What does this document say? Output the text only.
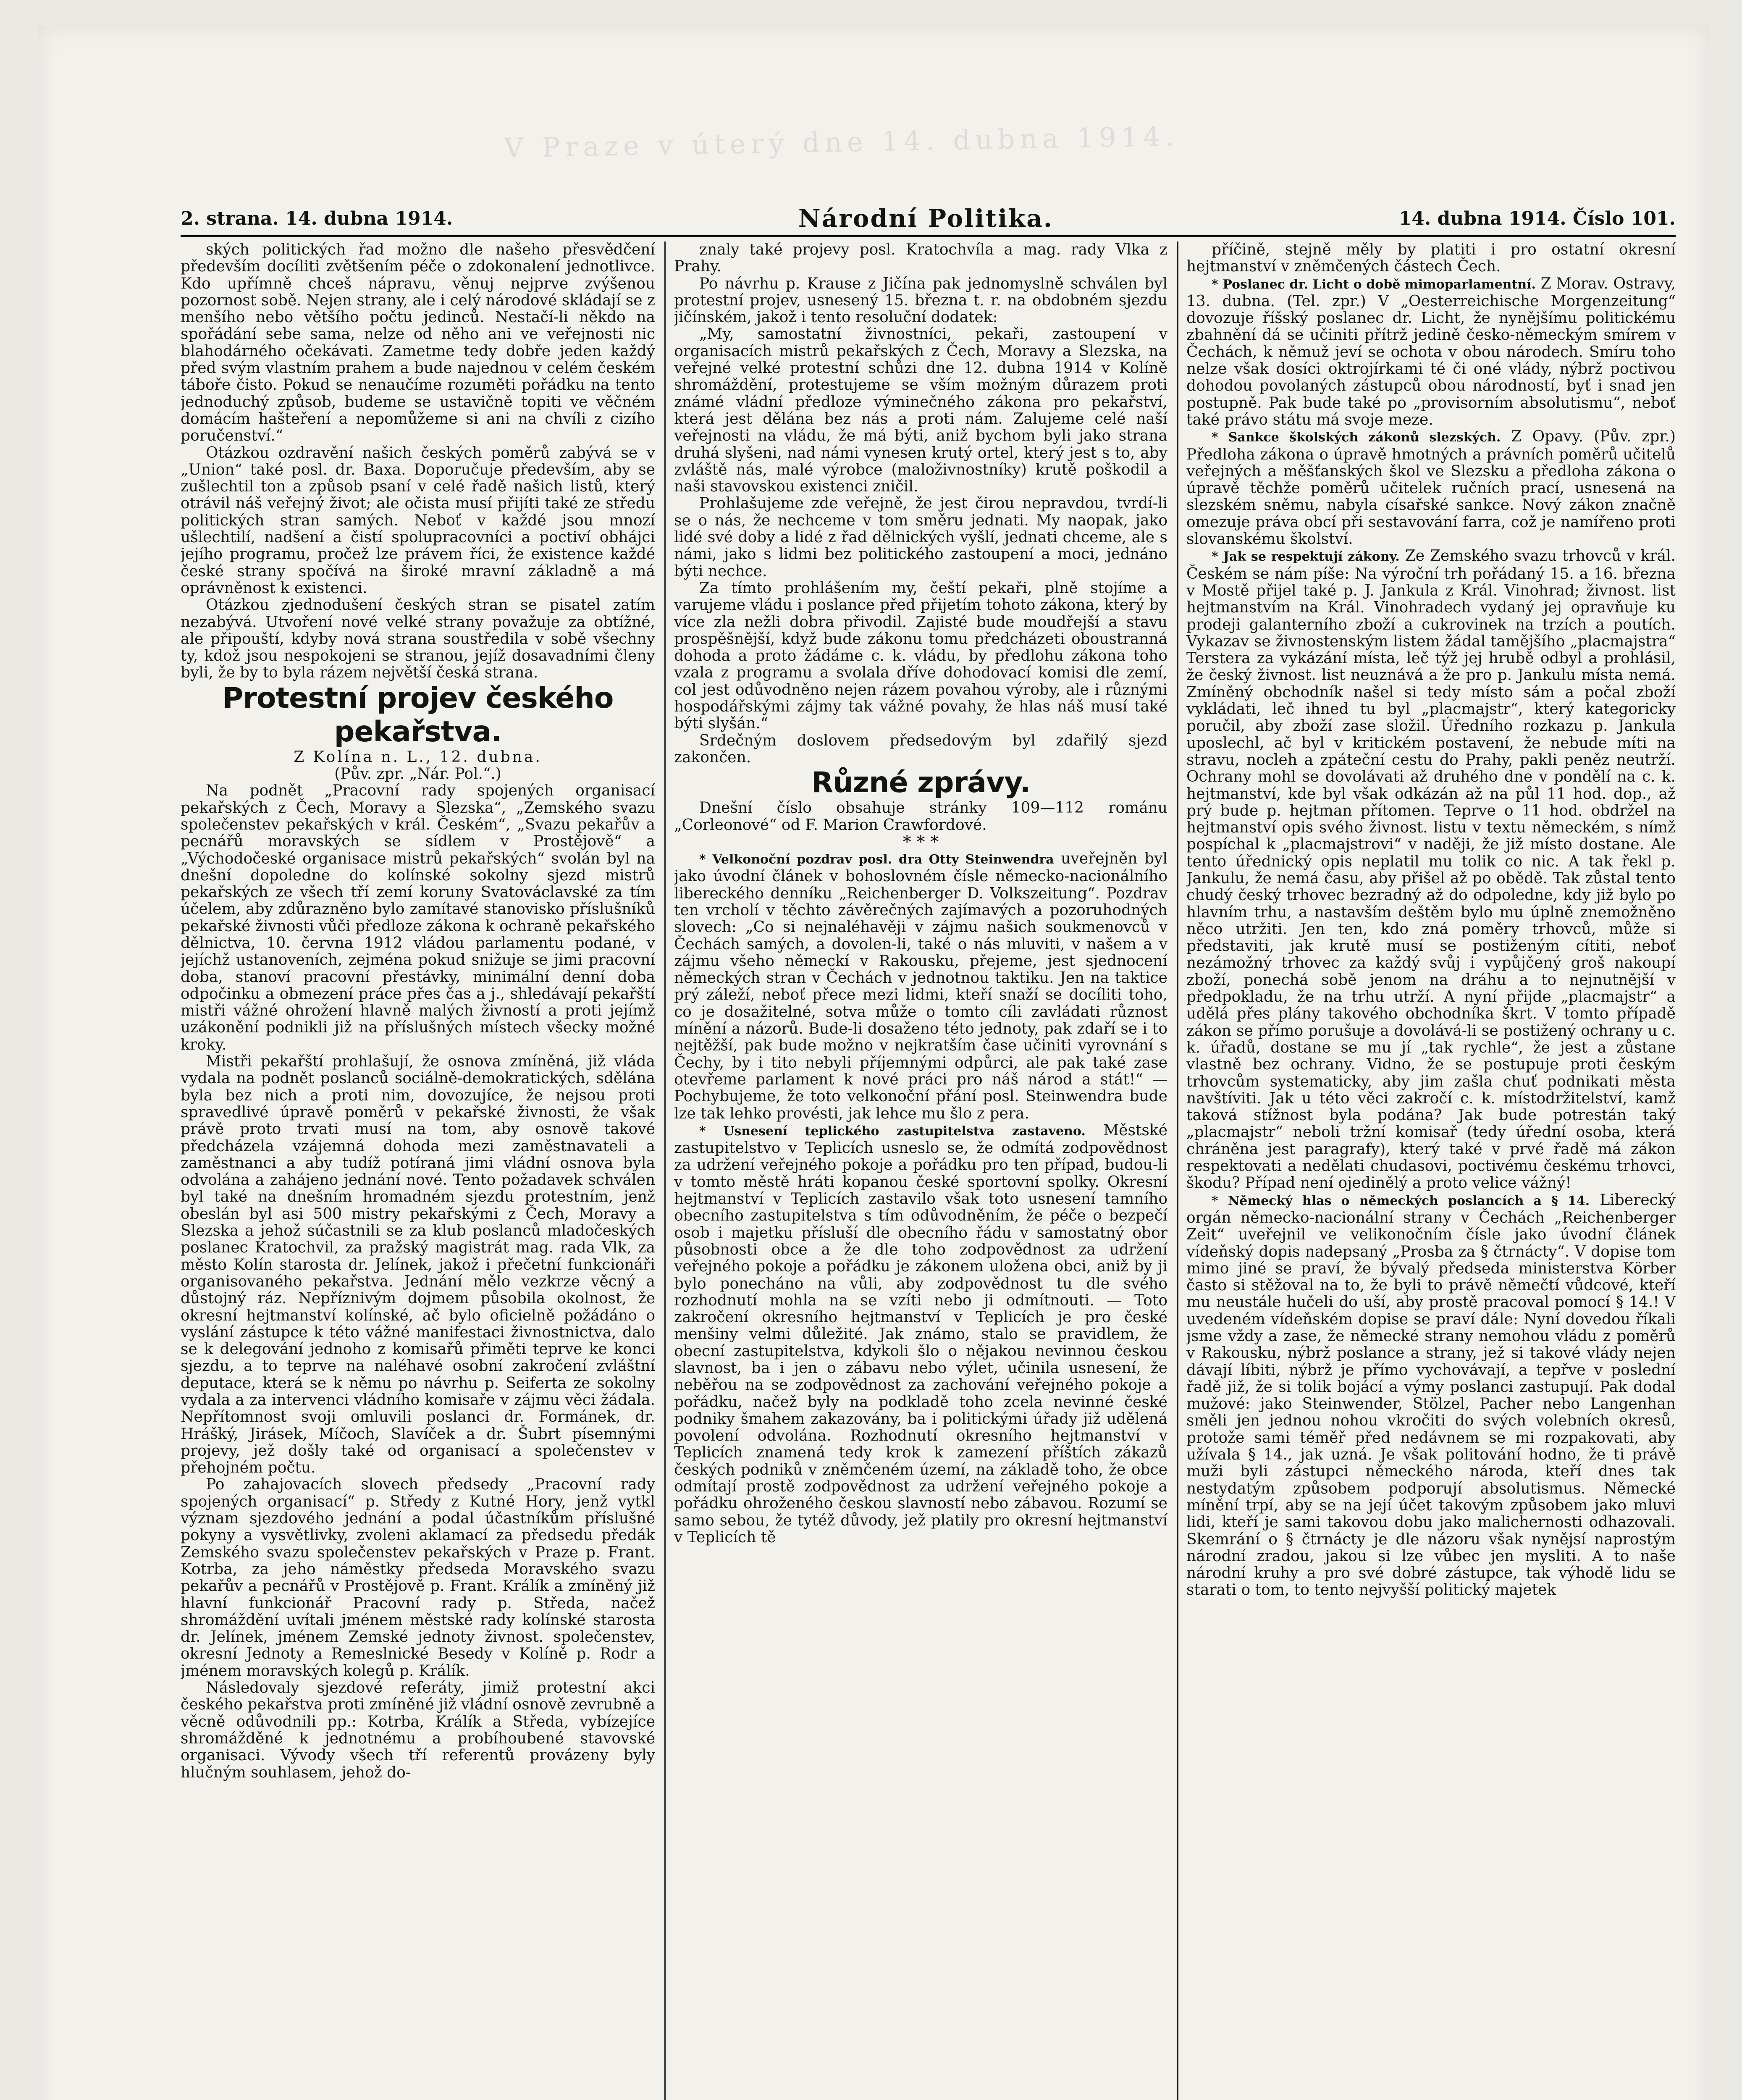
V Praze v úterý dne 14. dubna 1914.
2. strana. 14. dubna 1914.	Národní Politika.	14. dubna 1914. Číslo 101.

ských politických řad možno dle našeho přesvědčení především docíliti zvětšením péče o zdokonalení jednotlivce. Kdo upřímně chceš nápravu, věnuj nejprve zvýšenou pozornost sobě. Nejen strany, ale i celý národové skládají se z menšího nebo většího počtu jedinců. Nestačí-li někdo na spořádání sebe sama, nelze od něho ani ve veřejnosti nic blahodárného očekávati. Zametme tedy dobře jeden každý před svým vlastním prahem a bude najednou v celém českém táboře čisto. Pokud se nenaučíme rozuměti pořádku na tento jednoduchý způsob, budeme se ustavičně topiti ve věčném domácím hašteření a nepomůžeme si ani na chvíli z cizího poručenství.“

Otázkou ozdravění našich českých poměrů zabývá se v „Union“ také posl. dr. Baxa. Doporučuje především, aby se zušlechtil ton a způsob psaní v celé řadě našich listů, který otrávil náš veřejný život; ale očista musí přijíti také ze středu politických stran samých. Neboť v každé jsou mnozí ušlechtilí, nadšení a čistí spolupracovníci a poctiví obhájci jejího programu, pročež lze právem říci, že existence každé české strany spočívá na široké mravní základně a má oprávněnost k existenci.

Otázkou zjednodušení českých stran se pisatel zatím nezabývá. Utvoření nové velké strany považuje za obtížné, ale připouští, kdyby nová strana soustředila v sobě všechny ty, kdož jsou nespokojeni se stranou, jejíž dosavadními členy byli, že by to byla rázem největší česká strana.

Protestní projev českého pekařstva.

Z Kolína n. L., 12. dubna.

(Pův. zpr. „Nár. Pol.“.)

Na podnět „Pracovní rady spojených organisací pekařských z Čech, Moravy a Slezska“, „Zemského svazu společenstev pekařských v král. Českém“, „Svazu pekařův a pecnářů moravských se sídlem v Prostějově“ a „Východočeské organisace mistrů pekařských“ svolán byl na dnešní dopoledne do kolínské sokolny sjezd mistrů pekařských ze všech tří zemí koruny Svatováclavské za tím účelem, aby zdůrazněno bylo zamítavé stanovisko příslušníků pekařské živnosti vůči předloze zákona k ochraně pekařského dělnictva, 10. června 1912 vládou parlamentu podané, v jejíchž ustanoveních, zejména pokud snižuje se jimi pracovní doba, stanoví pracovní přestávky, minimální denní doba odpočinku a obmezení práce přes čas a j., shledávají pekařští mistři vážné ohrožení hlavně malých živností a proti jejímž uzákonění podnikli již na příslušných místech všecky možné kroky.

Mistři pekařští prohlašují, že osnova zmíněná, již vláda vydala na podnět poslanců sociálně-demokratických, sdělána byla bez nich a proti nim, dovozujíce, že nejsou proti spravedlivé úpravě poměrů v pekařské živnosti, že však právě proto trvati musí na tom, aby osnově takové předcházela vzájemná dohoda mezi zaměstnavateli a zaměstnanci a aby tudíž potíraná jimi vládní osnova byla odvolána a zahájeno jednání nové. Tento požadavek schválen byl také na dnešním hromadném sjezdu protestním, jenž obeslán byl asi 500 mistry pekařskými z Čech, Moravy a Slezska a jehož súčastnili se za klub poslanců mladočeských poslanec Kratochvil, za pražský magistrát mag. rada Vlk, za město Kolín starosta dr. Jelínek, jakož i přečetní funkcionáři organisovaného pekařstva. Jednání mělo vezkrze věcný a důstojný ráz. Nepříznivým dojmem působila okolnost, že okresní hejtmanství kolínské, ač bylo oficielně požádáno o vyslání zástupce k této vážné manifestaci živnostnictva, dalo se k delegování jednoho z komisařů přiměti teprve ke konci sjezdu, a to teprve na naléhavé osobní zakročení zvláštní deputace, která se k němu po návrhu p. Seiferta ze sokolny vydala a za intervenci vládního komisaře v zájmu věci žádala. Nepřítomnost svoji omluvili poslanci dr. Formánek, dr. Hrášký, Jirásek, Míčoch, Slavíček a dr. Šubrt písemnými projevy, jež došly také od organisací a společenstev v přehojném počtu.

Po zahajovacích slovech předsedy „Pracovní rady spojených organisací“ p. Středy z Kutné Hory, jenž vytkl význam sjezdového jednání a podal účastníkům příslušné pokyny a vysvětlivky, zvoleni aklamací za předsedu předák Zemského svazu společenstev pekařských v Praze p. Frant. Kotrba, za jeho náměstky předseda Moravského svazu pekařův a pecnářů v Prostějově p. Frant. Králík a zmíněný již hlavní funkcionář Pracovní rady p. Středa, načež shromáždění uvítali jménem městské rady kolínské starosta dr. Jelínek, jménem Zemské jednoty živnost. společenstev, okresní Jednoty a Remeslnické Besedy v Kolíně p. Rodr a jménem moravských kolegů p. Králík.

Následovaly sjezdové referáty, jimiž protestní akci českého pekařstva proti zmíněné již vládní osnově zevrubně a věcně odůvodnili pp.: Kotrba, Králík a Středa, vybízejíce shromážděné k jednotnému a probíhoubené stavovské organisaci. Vývody všech tří referentů provázeny byly hlučným souhlasem, jehož do-

znaly také projevy posl. Kratochvíla a mag. rady Vlka z Prahy.

Po návrhu p. Krause z Jičína pak jednomyslně schválen byl protestní projev, usnesený 15. března t. r. na obdobném sjezdu jičínském, jakož i tento resoluční dodatek:

„My, samostatní živnostníci, pekaři, zastoupení v organisacích mistrů pekařských z Čech, Moravy a Slezska, na veřejné velké protestní schůzi dne 12. dubna 1914 v Kolíně shromáždění, protestujeme se vším možným důrazem proti známé vládní předloze výminečného zákona pro pekařství, která jest dělána bez nás a proti nám. Zalujeme celé naší veřejnosti na vládu, že má býti, aniž bychom byli jako strana druhá slyšeni, nad námi vynesen krutý ortel, který jest s to, aby zvláště nás, malé výrobce (maloživnostníky) krutě poškodil a naši stavovskou existenci zničil.

Prohlašujeme zde veřejně, že jest čirou nepravdou, tvrdí-li se o nás, že nechceme v tom směru jednati. My naopak, jako lidé své doby a lidé z řad dělnických vyšlí, jednati chceme, ale s námi, jako s lidmi bez politického zastoupení a moci, jednáno býti nechce.

Za tímto prohlášením my, čeští pekaři, plně stojíme a varujeme vládu i poslance před přijetím tohoto zákona, který by více zla nežli dobra přivodil. Zajisté bude moudřejší a stavu prospěšnější, když bude zákonu tomu předcházeti oboustranná dohoda a proto žádáme c. k. vládu, by předlohu zákona toho vzala z programu a svolala dříve dohodovací komisi dle zemí, col jest odůvodněno nejen rázem povahou výroby, ale i různými hospodářskými zájmy tak vážné povahy, že hlas náš musí také býti slyšán.“

Srdečným doslovem předsedovým byl zdařilý sjezd zakončen.

Různé zprávy.

Dnešní číslo obsahuje stránky 109—112 románu „Corleonové“ od F. Marion Crawfordové.

* * *

* Velkonoční pozdrav posl. dra Otty Steinwendra uveřejněn byl jako úvodní článek v bohoslovném čísle německo-nacionálního libereckého denníku „Reichenberger D. Volkszeitung“. Pozdrav ten vrcholí v těchto závěrečných zajímavých a pozoruhodných slovech: „Co si nejnaléhavěji v zájmu našich soukmenovců v Čechách samých, a dovolen-li, také o nás mluviti, v našem a v zájmu všeho německí v Rakousku, přejeme, jest sjednocení německých stran v Čechách v jednotnou taktiku. Jen na taktice prý záleží, neboť přece mezi lidmi, kteří snaží se docíliti toho, co je dosažitelné, sotva může o tomto cíli zavládati různost mínění a názorů. Bude-li dosaženo této jednoty, pak zdaří se i to nejtěžší, pak bude možno v nejkratším čase učiniti vyrovnání s Čechy, by i tito nebyli příjemnými odpůrci, ale pak také zase otevřeme parlament k nové práci pro náš národ a stát!“ — Pochybujeme, že toto velkonoční přání posl. Steinwendra bude lze tak lehko provésti, jak lehce mu šlo z pera.

* Usnesení teplického zastupitelstva zastaveno. Městské zastupitelstvo v Teplicích usneslo se, že odmítá zodpovědnost za udržení veřejného pokoje a pořádku pro ten případ, budou-li v tomto městě hráti kopanou české sportovní spolky. Okresní hejtmanství v Teplicích zastavilo však toto usnesení tamního obecního zastupitelstva s tím odůvodněním, že péče o bezpečí osob i majetku přísluší dle obecního řádu v samostatný obor působnosti obce a že dle toho zodpovědnost za udržení veřejného pokoje a pořádku je zákonem uložena obci, aniž by ji bylo ponecháno na vůli, aby zodpovědnost tu dle svého rozhodnutí mohla na se vzíti nebo ji odmítnouti. — Toto zakročení okresního hejtmanství v Teplicích je pro české menšiny velmi důležité. Jak známo, stalo se pravidlem, že obecní zastupitelstva, kdykoli šlo o nějakou nevinnou českou slavnost, ba i jen o zábavu nebo výlet, učinila usnesení, že neběřou na se zodpovědnost za zachování veřejného pokoje a pořádku, načež byly na podkladě toho zcela nevinné české podniky šmahem zakazovány, ba i politickými úřady již udělená povolení odvolána. Rozhodnutí okresního hejtmanství v Teplicích znamená tedy krok k zamezení příštích zákazů českých podniků v zněmčeném území, na základě toho, že obce odmítají prostě zodpovědnost za udržení veřejného pokoje a pořádku ohroženého českou slavností nebo zábavou. Rozumí se samo sebou, že tytéž důvody, jež platily pro okresní hejtmanství v Teplicích tě

příčině, stejně měly by platiti i pro ostatní okresní hejtmanství v zněmčených částech Čech.

* Poslanec dr. Licht o době mimoparlamentní. Z Morav. Ostravy, 13. dubna. (Tel. zpr.) V „Oesterreichische Morgenzeitung“ dovozuje říšský poslanec dr. Licht, že nynějšímu politickému zbahnění dá se učiniti přítrž jedině česko-německým smírem v Čechách, k němuž jeví se ochota v obou národech. Smíru toho nelze však dosíci oktrojírkami té či oné vlády, nýbrž poctivou dohodou povolaných zástupců obou národností, byť i snad jen postupně. Pak bude také po „provisorním absolutismu“, neboť také právo státu má svoje meze.

* Sankce školských zákonů slezských. Z Opavy. (Pův. zpr.) Předloha zákona o úpravě hmotných a právních poměrů učitelů veřejných a měšťanských škol ve Slezsku a předloha zákona o úpravě těchže poměrů učitelek ručních prací, usnesená na slezském sněmu, nabyla císařské sankce. Nový zákon značně omezuje práva obcí při sestavování farra, což je namířeno proti slovanskému školství.

* Jak se respektují zákony. Ze Zemského svazu trhovců v král. Českém se nám píše: Na výroční trh pořádaný 15. a 16. března v Mostě přijel také p. J. Jankula z Král. Vinohrad; živnost. list hejtmanstvím na Král. Vinohradech vydaný jej opravňuje ku prodeji galanterního zboží a cukrovinek na trzích a poutích. Vykazav se živnostenským listem žádal tamějšího „placmajstra“ Terstera za vykázání místa, leč týž jej hrubě odbyl a prohlásil, že český živnost. list neuznává a že pro p. Jankulu místa nemá. Zmíněný obchodník našel si tedy místo sám a počal zboží vykládati, leč ihned tu byl „placmajstr“, který kategoricky poručil, aby zboží zase složil. Úředního rozkazu p. Jankula uposlechl, ač byl v kritickém postavení, že nebude míti na stravu, nocleh a zpáteční cestu do Prahy, pakli peněz neutrží. Ochrany mohl se dovolávati až druhého dne v pondělí na c. k. hejtmanství, kde byl však odkázán až na půl 11 hod. dop., až prý bude p. hejtman přítomen. Teprve o 11 hod. obdržel na hejtmanství opis svého živnost. listu v textu německém, s nímž pospíchal k „placmajstrovi“ v naději, že již místo dostane. Ale tento úřednický opis neplatil mu tolik co nic. A tak řekl p. Jankulu, že nemá času, aby přišel až po obědě. Tak zůstal tento chudý český trhovec bezradný až do odpoledne, kdy již bylo po hlavním trhu, a nastavším deštěm bylo mu úplně znemožněno něco utržiti. Jen ten, kdo zná poměry trhovců, může si představiti, jak krutě musí se postiženým cítiti, neboť nezámožný trhovec za každý svůj i vypůjčený groš nakoupí zboží, ponechá sobě jenom na dráhu a to nejnutnější v předpokladu, že na trhu utrží. A nyní přijde „placmajstr“ a udělá přes plány takového obchodníka škrt. V tomto případě zákon se přímo porušuje a dovolává-li se postižený ochrany u c. k. úřadů, dostane se mu jí „tak rychle“, že jest a zůstane vlastně bez ochrany. Vidno, že se postupuje proti českým trhovcům systematicky, aby jim zašla chuť podnikati města navštíviti. Jak u této věci zakročí c. k. místodržitelství, kamž taková stížnost byla podána? Jak bude potrestán taký „placmajstr“ neboli tržní komisař (tedy úřední osoba, která chráněna jest paragrafy), který také v prvé řadě má zákon respektovati a nedělati chudasovi, poctivému českému trhovci, škodu? Případ není ojedinělý a proto velice vážný!

* Německý hlas o německých poslancích a § 14. Liberecký orgán německo-nacionální strany v Čechách „Reichenberger Zeit“ uveřejnil ve velikonočním čísle jako úvodní článek vídeňský dopis nadepsaný „Prosba za § čtrnácty“. V dopise tom mimo jiné se praví, že bývalý předseda ministerstva Körber často si stěžoval na to, že byli to právě němečtí vůdcové, kteří mu neustále hučeli do uší, aby prostě pracoval pomocí § 14.! V uvedeném vídeňském dopise se praví dále: Nyní dovedou říkali jsme vždy a zase, že německé strany nemohou vládu z poměrů v Rakousku, nýbrž poslance a strany, jež si takové vlády nejen dávají líbiti, nýbrž je přímo vychovávají, a tepřve v poslední řadě již, že si tolik bojácí a výmy poslanci zastupují. Pak dodal mužové: jako Steinwender, Stölzel, Pacher nebo Langenhan směli jen jednou nohou vkročiti do svých volebních okresů, protože sami téměř před nedávnem se mi rozpakovati, aby užívala § 14., jak uzná. Je však politování hodno, že ti právě muži byli zástupci německého národa, kteří dnes tak nestydatým způsobem podporují absolutismus. Německé mínění trpí, aby se na její účet takovým způsobem jako mluvi lidi, kteří je sami takovou dobu jako malichernosti odhazovali. Skemrání o § čtrnácty je dle názoru však nynějsí naprostým národní zradou, jakou si lze vůbec jen mysliti. A to naše národní kruhy a pro své dobré zástupce, tak výhodě lidu se starati o tom, to tento nejvyšší politický majetek
